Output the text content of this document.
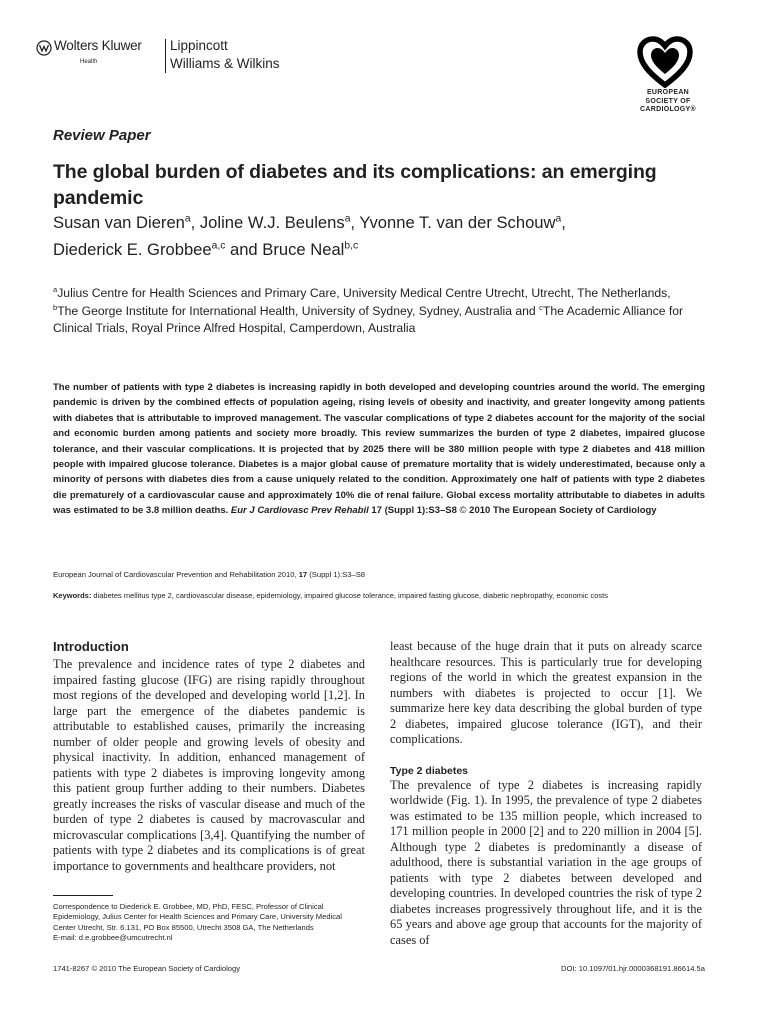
Wolters Kluwer
Health
Lippincott
Williams & Wilkins
EUROPEAN
SOCIETY OF
CARDIOLOGY®
Review Paper
The global burden of diabetes and its complications: an emerging pandemic
Susan van Dieren$^a$, Joline W.J. Beulens$^a$, Yvonne T. van der Schouw$^a$,
Diederick E. Grobbee$^{a,c}$ and Bruce Neal$^{b,c}$
$^a$Julius Centre for Health Sciences and Primary Care, University Medical Centre Utrecht, Utrecht, The Netherlands, $^b$The George Institute for International Health, University of Sydney, Sydney, Australia and $^c$The Academic Alliance for Clinical Trials, Royal Prince Alfred Hospital, Camperdown, Australia
The number of patients with type 2 diabetes is increasing rapidly in both developed and developing countries around the world. The emerging pandemic is driven by the combined effects of population ageing, rising levels of obesity and inactivity, and greater longevity among patients with diabetes that is attributable to improved management. The vascular complications of type 2 diabetes account for the majority of the social and economic burden among patients and society more broadly. This review summarizes the burden of type 2 diabetes, impaired glucose tolerance, and their vascular complications. It is projected that by 2025 there will be 380 million people with type 2 diabetes and 418 million people with impaired glucose tolerance. Diabetes is a major global cause of premature mortality that is widely underestimated, because only a minority of persons with diabetes dies from a cause uniquely related to the condition. Approximately one half of patients with type 2 diabetes die prematurely of a cardiovascular cause and approximately 10% die of renal failure. Global excess mortality attributable to diabetes in adults was estimated to be 3.8 million deaths. Eur J Cardiovasc Prev Rehabil 17 (Suppl 1):S3–S8 © 2010 The European Society of Cardiology
European Journal of Cardiovascular Prevention and Rehabilitation 2010, 17 (Suppl 1):S3–S8
Keywords: diabetes mellitus type 2, cardiovascular disease, epidemiology, impaired glucose tolerance, impaired fasting glucose, diabetic nephropathy, economic costs
Introduction

The prevalence and incidence rates of type 2 diabetes and impaired fasting glucose (IFG) are rising rapidly throughout most regions of the developed and developing world [1,2]. In large part the emergence of the diabetes pandemic is attributable to established causes, primarily the increasing number of older people and growing levels of obesity and physical inactivity. In addition, enhanced management of patients with type 2 diabetes is improving longevity among this patient group further adding to their numbers. Diabetes greatly increases the risks of vascular disease and much of the burden of type 2 diabetes is caused by macrovascular and microvascular complications [3,4]. Quantifying the number of patients with type 2 diabetes and its complications is of great importance to governments and healthcare providers, not

least because of the huge drain that it puts on already scarce healthcare resources. This is particularly true for developing regions of the world in which the greatest expansion in the numbers with diabetes is projected to occur [1]. We summarize here key data describing the global burden of type 2 diabetes, impaired glucose tolerance (IGT), and their complications.

Type 2 diabetes

The prevalence of type 2 diabetes is increasing rapidly worldwide (Fig. 1). In 1995, the prevalence of type 2 diabetes was estimated to be 135 million people, which increased to 171 million people in 2000 [2] and to 220 million in 2004 [5]. Although type 2 diabetes is predominantly a disease of adulthood, there is substantial variation in the age groups of patients with type 2 diabetes between developed and developing countries. In developed countries the risk of type 2 diabetes increases progressively throughout life, and it is the 65 years and above age group that accounts for the majority of cases of

Correspondence to Diederick E. Grobbee, MD, PhD, FESC, Professor of Clinical Epidemiology, Julius Center for Health Sciences and Primary Care, University Medical Center Utrecht, Str. 6.131, PO Box 85500, Utrecht 3508 GA, The Netherlands
E-mail: d.e.grobbee@umcutrecht.nl
1741-8267 © 2010 The European Society of Cardiology	DOI: 10.1097/01.hjr.0000368191.86614.5a
